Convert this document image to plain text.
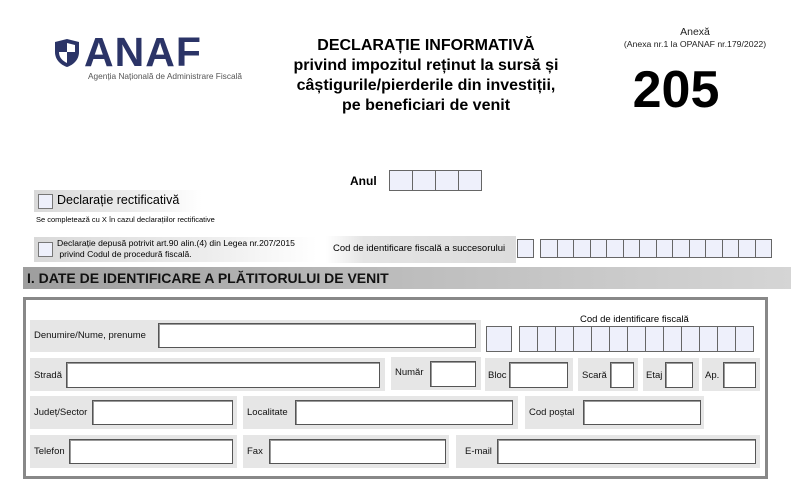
ANAF
Agenția Națională de Administrare Fiscală
DECLARAȚIE INFORMATIVĂ
privind impozitul reținut la sursă și
câștigurile/pierderile din investiții,
pe beneficiari de venit
Anexă
(Anexa nr.1 la OPANAF nr.179/2022)
205
Anul
Declarație rectificativă
Se completează cu X în cazul declarațiilor rectificative
Declarație depusă potrivit art.90 alin.(4) din Legea nr.207/2015
privind Codul de procedură fiscală.	Cod de identificare fiscală a succesorului
I. DATE DE IDENTIFICARE A PLĂTITORULUI DE VENIT
Cod de identificare fiscală
Denumire/Nume, prenume
Stradă	Număr	Bloc	Scară	Etaj	Ap.
Județ/Sector	Localitate	Cod poștal
Telefon	Fax	E-mail
